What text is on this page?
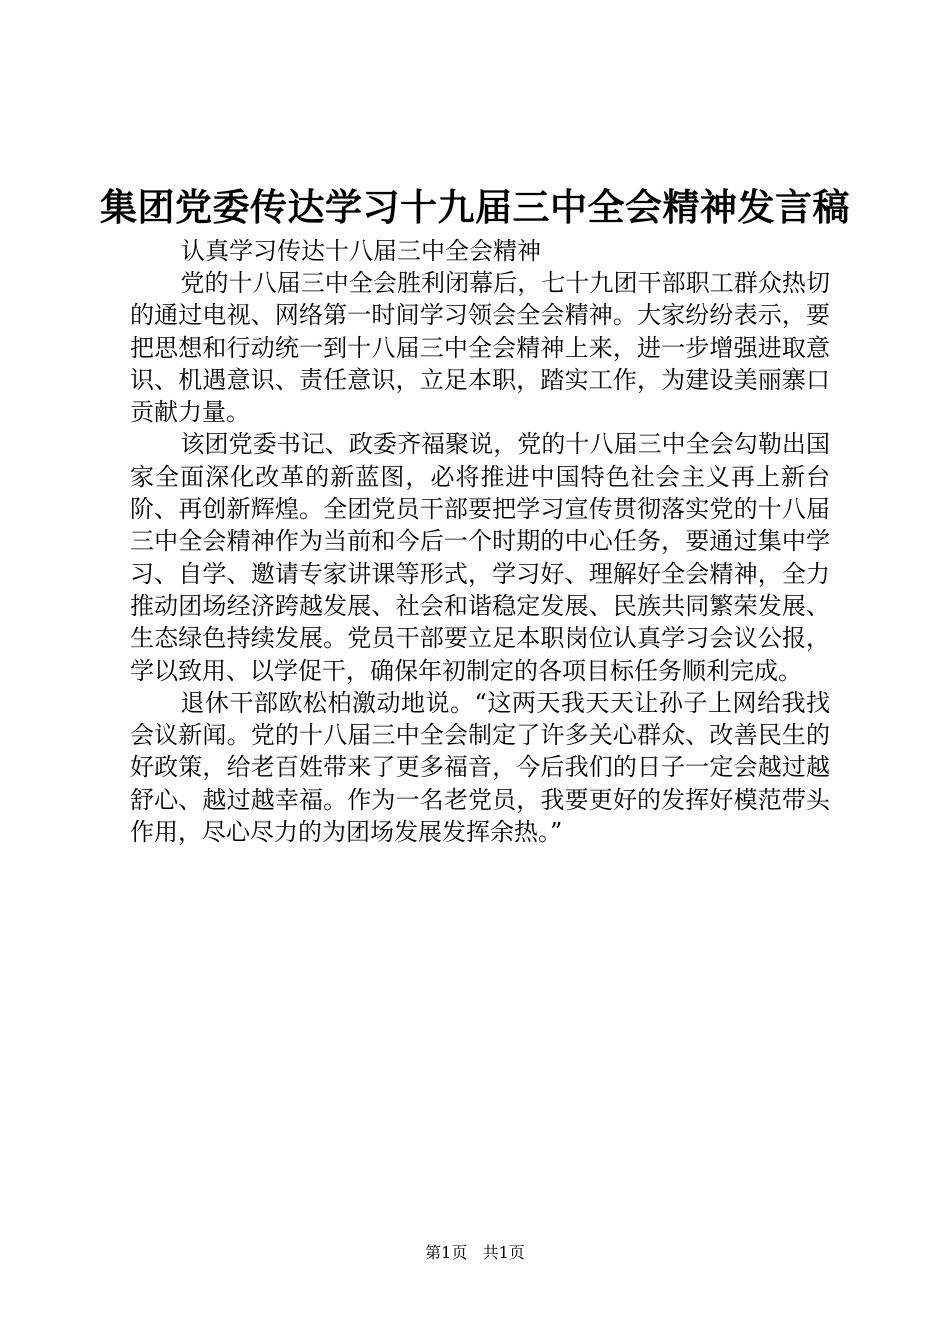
集团党委传达学习十九届三中全会精神发言稿
认真学习传达十八届三中全会精神

党的十八届三中全会胜利闭幕后，七十九团干部职工群众热切的通过电视、网络第一时间学习领会全会精神。大家纷纷表示，要把思想和行动统一到十八届三中全会精神上来，进一步增强进取意识、机遇意识、责任意识，立足本职，踏实工作，为建设美丽寨口贡献力量。

该团党委书记、政委齐福聚说，党的十八届三中全会勾勒出国家全面深化改革的新蓝图，必将推进中国特色社会主义再上新台阶、再创新辉煌。全团党员干部要把学习宣传贯彻落实党的十八届三中全会精神作为当前和今后一个时期的中心任务，要通过集中学习、自学、邀请专家讲课等形式，学习好、理解好全会精神，全力推动团场经济跨越发展、社会和谐稳定发展、民族共同繁荣发展、生态绿色持续发展。党员干部要立足本职岗位认真学习会议公报，学以致用、以学促干，确保年初制定的各项目标任务顺利完成。

退休干部欧松柏激动地说。“这两天我天天让孙子上网给我找会议新闻。党的十八届三中全会制定了许多关心群众、改善民生的好政策，给老百姓带来了更多福音，今后我们的日子一定会越过越舒心、越过越幸福。作为一名老党员，我要更好的发挥好模范带头作用，尽心尽力的为团场发展发挥余热。”

第1页 共1页
